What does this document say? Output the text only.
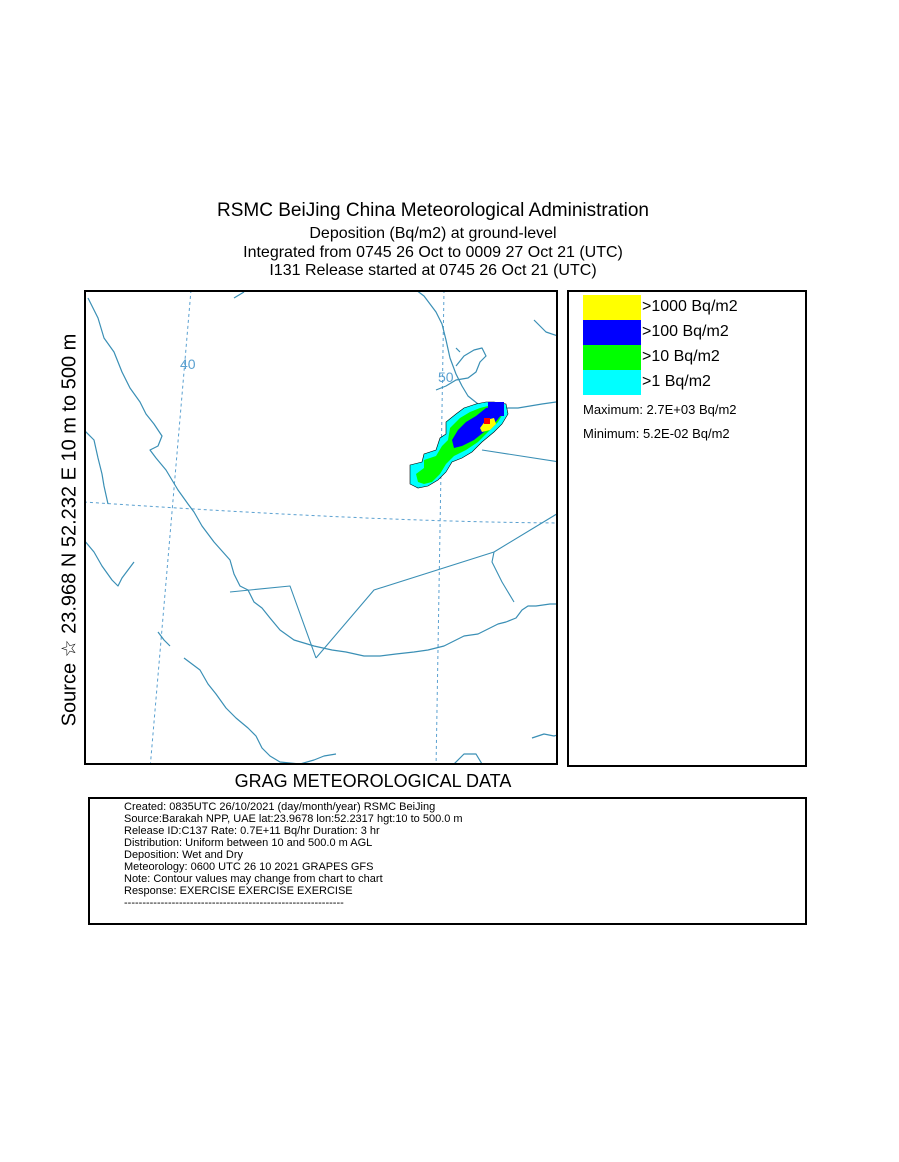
RSMC BeiJing China Meteorological Administration
Deposition (Bq/m2) at ground-level
Integrated from 0745 26 Oct to 0009 27 Oct 21 (UTC)
I131 Release started at 0745 26 Oct 21 (UTC)
Source ☆ 23.968 N 52.232 E 10 m to 500 m	40
50
>1000 Bq/m2
>100 Bq/m2
>10 Bq/m2
>1 Bq/m2
Maximum: 2.7E+03 Bq/m2
Minimum: 5.2E-02 Bq/m2
GRAG METEOROLOGICAL DATA
Created: 0835UTC 26/10/2021 (day/month/year) RSMC BeiJing
Source:Barakah NPP, UAE lat:23.9678 lon:52.2317 hgt:10 to 500.0 m
Release ID:C137 Rate: 0.7E+11 Bq/hr Duration: 3 hr
Distribution: Uniform between 10 and 500.0 m AGL
Deposition: Wet and Dry
Meteorology: 0600 UTC 26 10 2021 GRAPES GFS
Note: Contour values may change from chart to chart
Response: EXERCISE EXERCISE EXERCISE
------------------------------------------------------------
